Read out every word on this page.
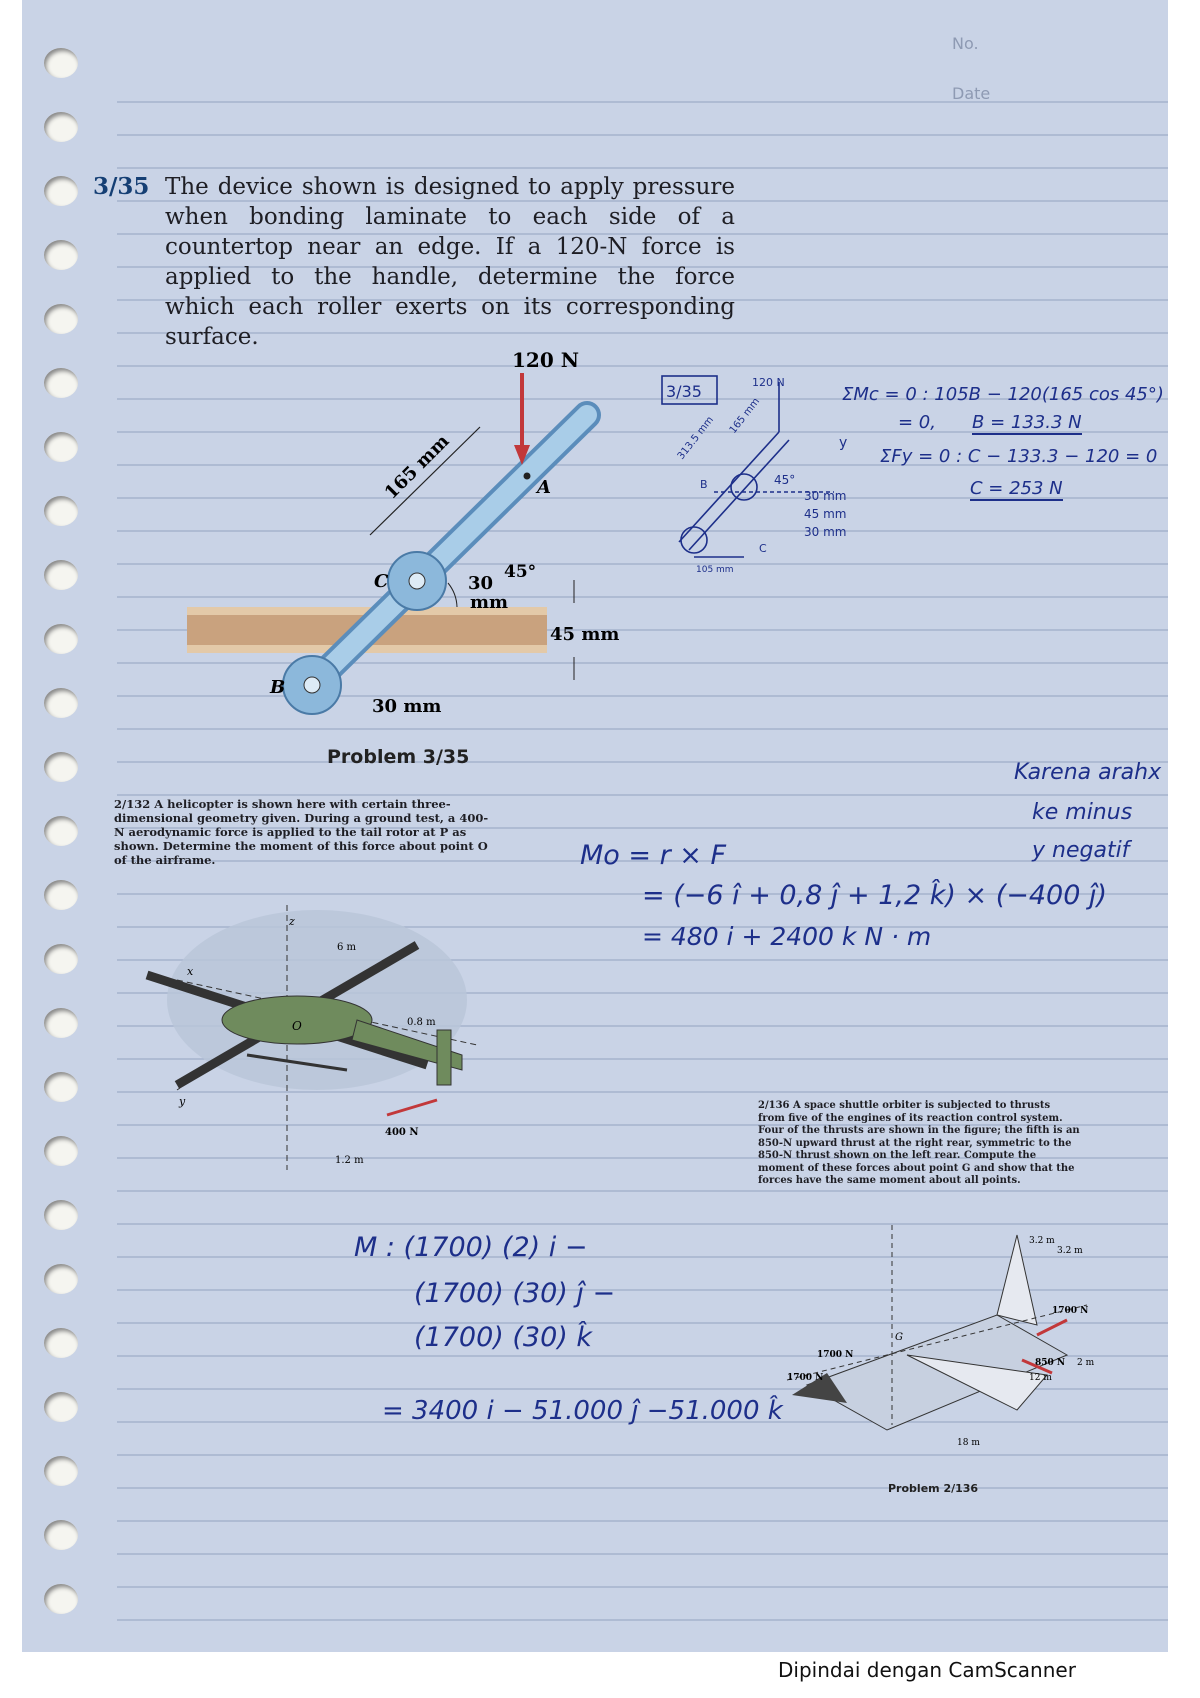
No.
Date
3/35 The device shown is designed to apply pressure when bonding laminate to each side of a countertop near an edge. If a 120-N force is applied to the handle, determine the force which each roller exerts on its corresponding surface.
120 N
165 mm	A
C
B
30
mm
45°
45 mm
30 mm
Problem 3/35
3/35	120 N
313.5 mm 165 mm
y
B	45°
30 mm
45 mm
30 mm
C
105 mm
ΣMc = 0 : 105B − 120(165 cos 45°)
= 0, B = 133.3 N
ΣFy = 0 : C − 133.3 − 120 = 0
C = 253 N
2/132 A helicopter is shown here with certain three-dimensional geometry given. During a ground test, a 400-N aerodynamic force is applied to the tail rotor at P as shown. Determine the moment of this force about point O of the airframe.
z
x
y
O
6 m
0.8 m
1.2 m
400 N
Karena arahx
ke minus
y negatif
Mo = r × F
= (−6 î + 0,8 ĵ + 1,2 k̂) × (−400 ĵ)
= 480 i + 2400 k N · m
2/136 A space shuttle orbiter is subjected to thrusts from five of the engines of its reaction control system. Four of the thrusts are shown in the figure; the fifth is an 850-N upward thrust at the right rear, symmetric to the 850-N thrust shown on the left rear. Compute the moment of these forces about point G and show that the forces have the same moment about all points.
3.2 m
3.2 m
1700 N
850 N 2 m
12 m
18 m
1700 N
1700 N
G
Problem 2/136
M : (1700) (2) i −
(1700) (30) ĵ −
(1700) (30) k̂
= 3400 i − 51.000 ĵ −51.000 k̂
Dipindai dengan CamScanner
